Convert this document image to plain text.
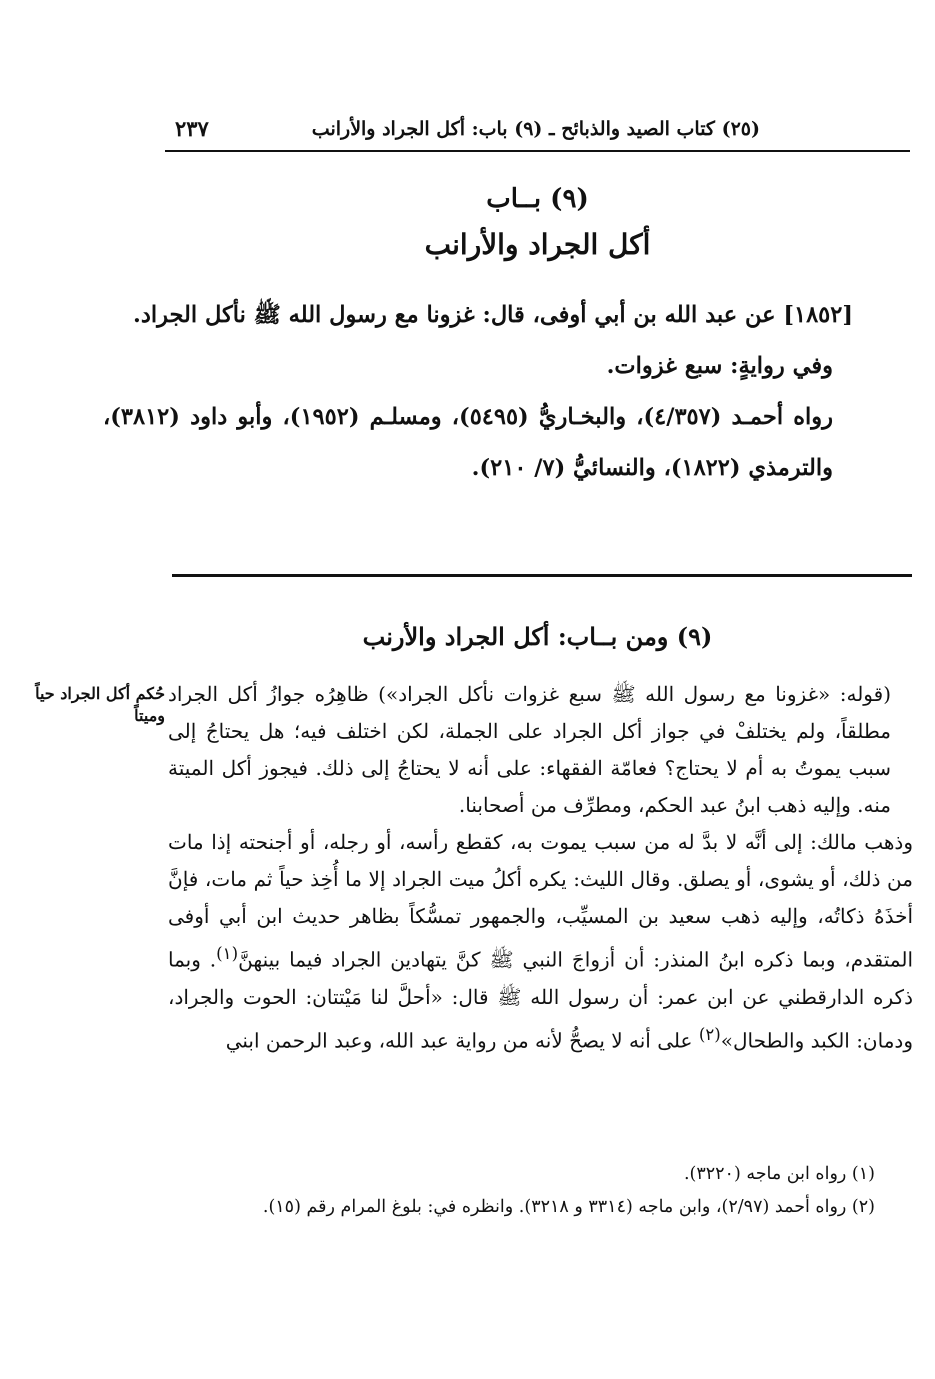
(٢٥) كتاب الصيد والذبائح ـ (٩) باب: أكل الجراد والأرانب
٢٣٧
(٩) بــاب
أكل الجراد والأرانب

[١٨٥٢] عن عبد الله بن أبي أوفى، قال: غزونا مع رسول الله ﷺ نأكل الجراد.

وفي روايةٍ: سبع غزوات.

رواه أحمـد (٤/٣٥٧)، والبخـاريُّ (٥٤٩٥)، ومسلـم (١٩٥٢)، وأبو داود (٣٨١٢)، والترمذي (١٨٢٢)، والنسائيُّ (٧/ ٢١٠).

(٩) ومن بــاب: أكل الجراد والأرنب

(قوله: «غزونا مع رسول الله ﷺ سبع غزوات نأكل الجراد») ظاهِرُه جوازُ أكل الجراد مطلقاً، ولم يختلفْ في جواز أكل الجراد على الجملة، لكن اختلف فيه؛ هل يحتاجُ إلى سبب يموتُ به أم لا يحتاج؟ فعامّة الفقهاء: على أنه لا يحتاجُ إلى ذلك. فيجوز أكل الميتة منه. وإليه ذهب ابنُ عبد الحكم، ومطرِّف من أصحابنا.

وذهب مالك: إلى أنَّه لا بدَّ له من سبب يموت به، كقطع رأسه، أو رجله، أو أجنحته إذا مات من ذلك، أو يشوى، أو يصلق. وقال الليث: يكره أكلُ ميت الجراد إلا ما أُخِذ حياً ثم مات، فإنَّ أخذَهُ ذكاتُه، وإليه ذهب سعيد بن المسيِّب، والجمهور تمسُّكاً بظاهر حديث ابن أبي أوفى المتقدم، وبما ذكره ابنُ المنذر: أن أزواجَ النبي ﷺ كنَّ يتهادين الجراد فيما بينهنَّ$^{(١)}$. وبما ذكره الدارقطني عن ابن عمر: أن رسول الله ﷺ قال: «أحلَّ لنا مَيْتتان: الحوت والجراد، ودمان: الكبد والطحال»$^{(٢)}$ على أنه لا يصحُّ لأنه من رواية عبد الله، وعبد الرحمن ابني

حُكم أكل الجراد حياً وميتاً

(١) رواه ابن ماجه (٣٢٢٠).

(٢) رواه أحمد (٢/٩٧)، وابن ماجه (٣٣١٤ و ٣٢١٨). وانظره في: بلوغ المرام رقم (١٥).
